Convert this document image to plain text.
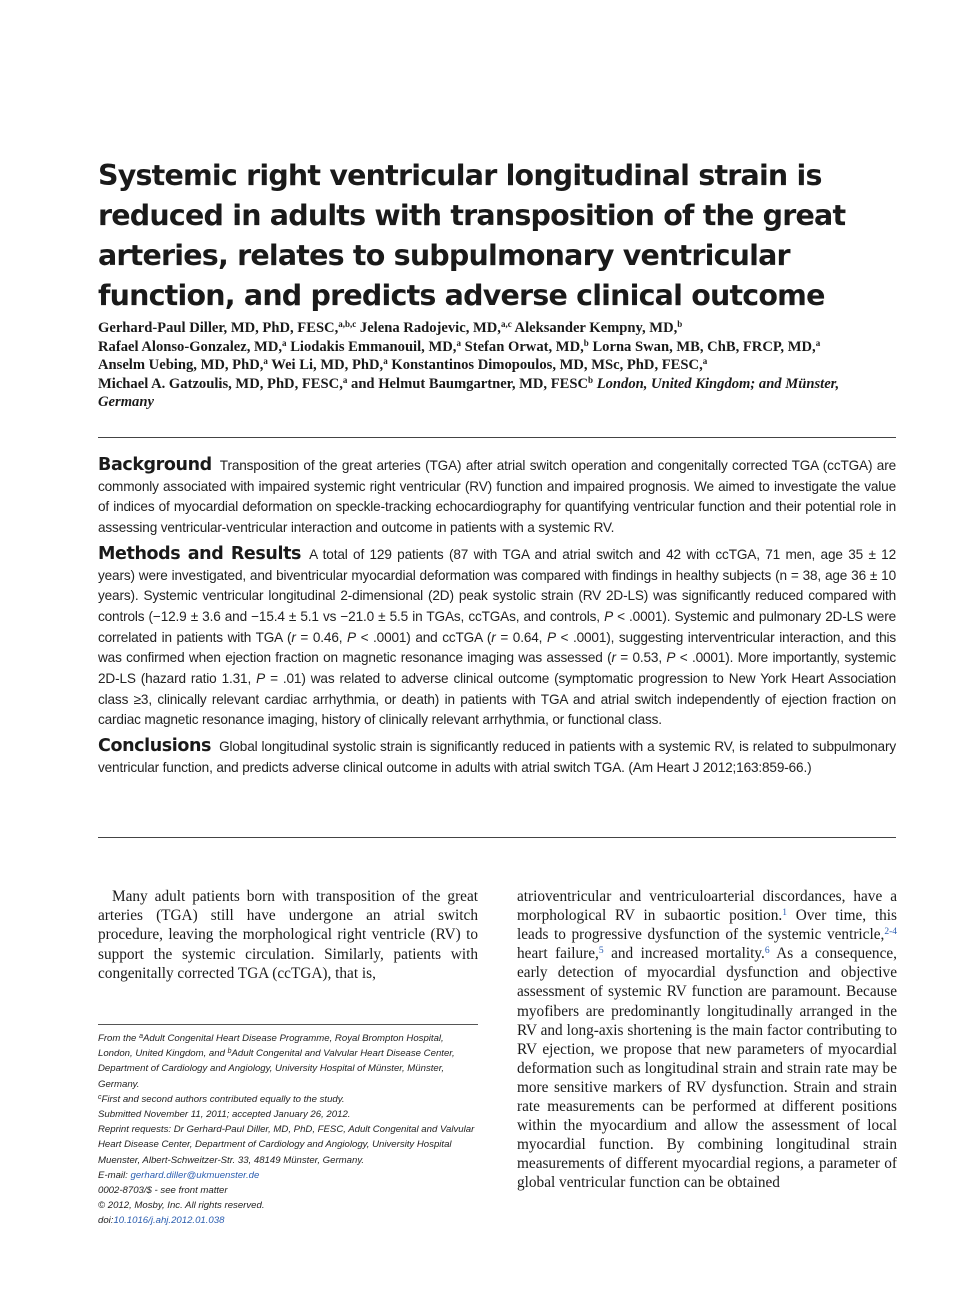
Systemic right ventricular longitudinal strain is reduced in adults with transposition of the great arteries, relates to subpulmonary ventricular function, and predicts adverse clinical outcome
Gerhard-Paul Diller, MD, PhD, FESC,$^{a,b,c}$ Jelena Radojevic, MD,$^{a,c}$ Aleksander Kempny, MD,$^b$
Rafael Alonso-Gonzalez, MD,$^a$ Liodakis Emmanouil, MD,$^a$ Stefan Orwat, MD,$^b$ Lorna Swan, MB, ChB, FRCP, MD,$^a$
Anselm Uebing, MD, PhD,$^a$ Wei Li, MD, PhD,$^a$ Konstantinos Dimopoulos, MD, MSc, PhD, FESC,$^a$
Michael A. Gatzoulis, MD, PhD, FESC,$^a$ and Helmut Baumgartner, MD, FESC$^b$ London, United Kingdom; and Münster, Germany

Background Transposition of the great arteries (TGA) after atrial switch operation and congenitally corrected TGA (ccTGA) are commonly associated with impaired systemic right ventricular (RV) function and impaired prognosis. We aimed to investigate the value of indices of myocardial deformation on speckle-tracking echocardiography for quantifying ventricular function and their potential role in assessing ventricular-ventricular interaction and outcome in patients with a systemic RV.

Methods and Results A total of 129 patients (87 with TGA and atrial switch and 42 with ccTGA, 71 men, age 35 ± 12 years) were investigated, and biventricular myocardial deformation was compared with findings in healthy subjects (n = 38, age 36 ± 10 years). Systemic ventricular longitudinal 2-dimensional (2D) peak systolic strain (RV 2D-LS) was significantly reduced compared with controls (−12.9 ± 3.6 and −15.4 ± 5.1 vs −21.0 ± 5.5 in TGAs, ccTGAs, and controls, P < .0001). Systemic and pulmonary 2D-LS were correlated in patients with TGA (r = 0.46, P < .0001) and ccTGA (r = 0.64, P < .0001), suggesting interventricular interaction, and this was confirmed when ejection fraction on magnetic resonance imaging was assessed (r = 0.53, P < .0001). More importantly, systemic 2D-LS (hazard ratio 1.31, P = .01) was related to adverse clinical outcome (symptomatic progression to New York Heart Association class ≥3, clinically relevant cardiac arrhythmia, or death) in patients with TGA and atrial switch independently of ejection fraction on cardiac magnetic resonance imaging, history of clinically relevant arrhythmia, or functional class.

Conclusions Global longitudinal systolic strain is significantly reduced in patients with a systemic RV, is related to subpulmonary ventricular function, and predicts adverse clinical outcome in adults with atrial switch TGA. (Am Heart J 2012;163:859-66.)

Many adult patients born with transposition of the great arteries (TGA) still have undergone an atrial switch procedure, leaving the morphological right ventricle (RV) to support the systemic circulation. Similarly, patients with congenitally corrected TGA (ccTGA), that is,

From the $^a$Adult Congenital Heart Disease Programme, Royal Brompton Hospital, London, United Kingdom, and $^b$Adult Congenital and Valvular Heart Disease Center, Department of Cardiology and Angiology, University Hospital of Münster, Münster, Germany.
$^c$First and second authors contributed equally to the study.
Submitted November 11, 2011; accepted January 26, 2012.
Reprint requests: Dr Gerhard-Paul Diller, MD, PhD, FESC, Adult Congenital and Valvular Heart Disease Center, Department of Cardiology and Angiology, University Hospital Muenster, Albert-Schweitzer-Str. 33, 48149 Münster, Germany.
E-mail: gerhard.diller@ukmuenster.de
0002-8703/$ - see front matter
© 2012, Mosby, Inc. All rights reserved.
doi:10.1016/j.ahj.2012.01.038

atrioventricular and ventriculoarterial discordances, have a morphological RV in subaortic position.$^1$ Over time, this leads to progressive dysfunction of the systemic ventricle,$^{2-4}$ heart failure,$^5$ and increased mortality.$^6$ As a consequence, early detection of myocardial dysfunction and objective assessment of systemic RV function are paramount. Because myofibers are predominantly longitudinally arranged in the RV and long-axis shortening is the main factor contributing to RV ejection, we propose that new parameters of myocardial deformation such as longitudinal strain and strain rate may be more sensitive markers of RV dysfunction. Strain and strain rate measurements can be performed at different positions within the myocardium and allow the assessment of local myocardial function. By combining longitudinal strain measurements of different myocardial regions, a parameter of global ventricular function can be obtained
